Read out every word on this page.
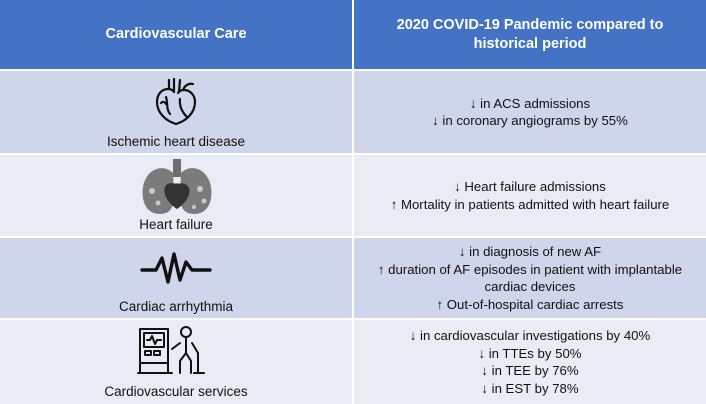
Cardiovascular Care
2020 COVID-19 Pandemic compared to historical period
Ischemic heart disease
↓ in ACS admissions
↓ in coronary angiograms by 55%
Heart failure
↓ Heart failure admissions
↑ Mortality in patients admitted with heart failure
Cardiac arrhythmia
↓ in diagnosis of new AF
↑ duration of AF episodes in patient with implantable cardiac devices
↑ Out-of-hospital cardiac arrests
Cardiovascular services
↓ in cardiovascular investigations by 40%
↓ in TTEs by 50%
↓ in TEE by 76%
↓ in EST by 78%
